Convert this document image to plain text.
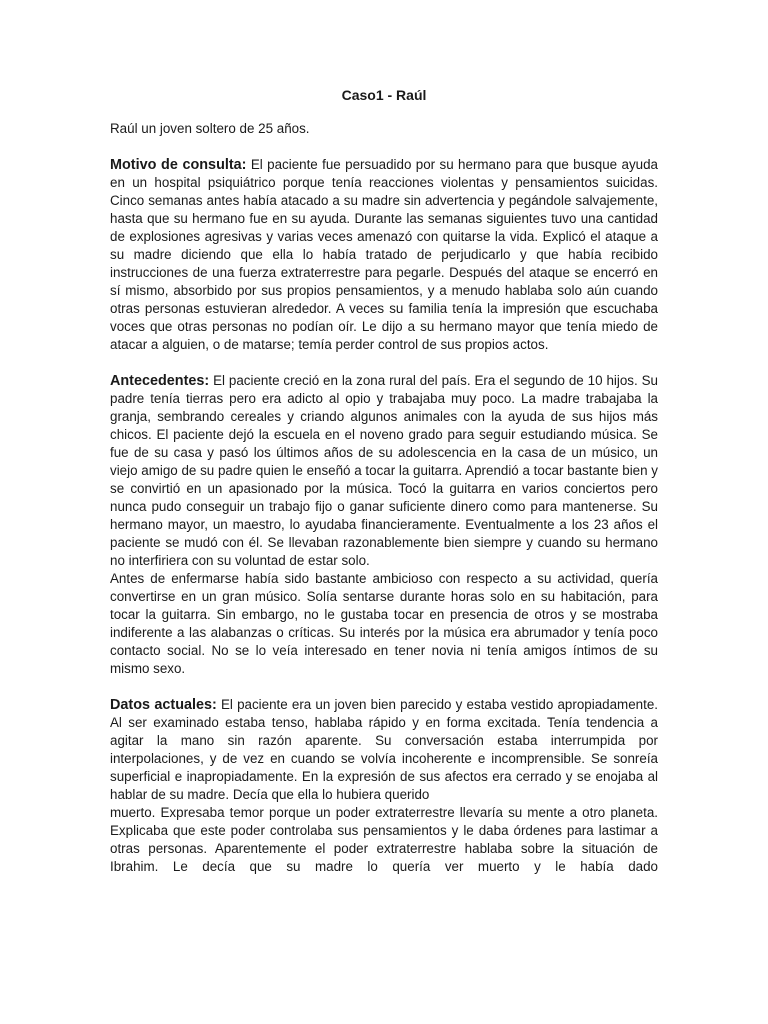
Caso1 - Raúl
Raúl un joven soltero de 25 años.

Motivo de consulta: El paciente fue persuadido por su hermano para que busque ayuda en un hospital psiquiátrico porque tenía reacciones violentas y pensamientos suicidas. Cinco semanas antes había atacado a su madre sin advertencia y pegándole salvajemente, hasta que su hermano fue en su ayuda. Durante las semanas siguientes tuvo una cantidad de explosiones agresivas y varias veces amenazó con quitarse la vida. Explicó el ataque a su madre diciendo que ella lo había tratado de perjudicarlo y que había recibido instrucciones de una fuerza extraterrestre para pegarle. Después del ataque se encerró en sí mismo, absorbido por sus propios pensamientos, y a menudo hablaba solo aún cuando otras personas estuvieran alrededor. A veces su familia tenía la impresión que escuchaba voces que otras personas no podían oír. Le dijo a su hermano mayor que tenía miedo de atacar a alguien, o de matarse; temía perder control de sus propios actos.

Antecedentes: El paciente creció en la zona rural del país. Era el segundo de 10 hijos. Su padre tenía tierras pero era adicto al opio y trabajaba muy poco. La madre trabajaba la granja, sembrando cereales y criando algunos animales con la ayuda de sus hijos más chicos. El paciente dejó la escuela en el noveno grado para seguir estudiando música. Se fue de su casa y pasó los últimos años de su adolescencia en la casa de un músico, un viejo amigo de su padre quien le enseñó a tocar la guitarra. Aprendió a tocar bastante bien y se convirtió en un apasionado por la música. Tocó la guitarra en varios conciertos pero nunca pudo conseguir un trabajo fijo o ganar suficiente dinero como para mantenerse. Su hermano mayor, un maestro, lo ayudaba financieramente. Eventualmente a los 23 años el paciente se mudó con él. Se llevaban razonablemente bien siempre y cuando su hermano no interfiriera con su voluntad de estar solo.

Antes de enfermarse había sido bastante ambicioso con respecto a su actividad, quería convertirse en un gran músico. Solía sentarse durante horas solo en su habitación, para tocar la guitarra. Sin embargo, no le gustaba tocar en presencia de otros y se mostraba indiferente a las alabanzas o críticas. Su interés por la música era abrumador y tenía poco contacto social. No se lo veía interesado en tener novia ni tenía amigos íntimos de su mismo sexo.

Datos actuales: El paciente era un joven bien parecido y estaba vestido apropiadamente. Al ser examinado estaba tenso, hablaba rápido y en forma excitada. Tenía tendencia a agitar la mano sin razón aparente. Su conversación estaba interrumpida por interpolaciones, y de vez en cuando se volvía incoherente e incomprensible. Se sonreía superficial e inapropiadamente. En la expresión de sus afectos era cerrado y se enojaba al hablar de su madre. Decía que ella lo hubiera querido

muerto. Expresaba temor porque un poder extraterrestre llevaría su mente a otro planeta. Explicaba que este poder controlaba sus pensamientos y le daba órdenes para lastimar a otras personas. Aparentemente el poder extraterrestre hablaba sobre la situación de Ibrahim. Le decía que su madre lo quería ver muerto y le había dado
